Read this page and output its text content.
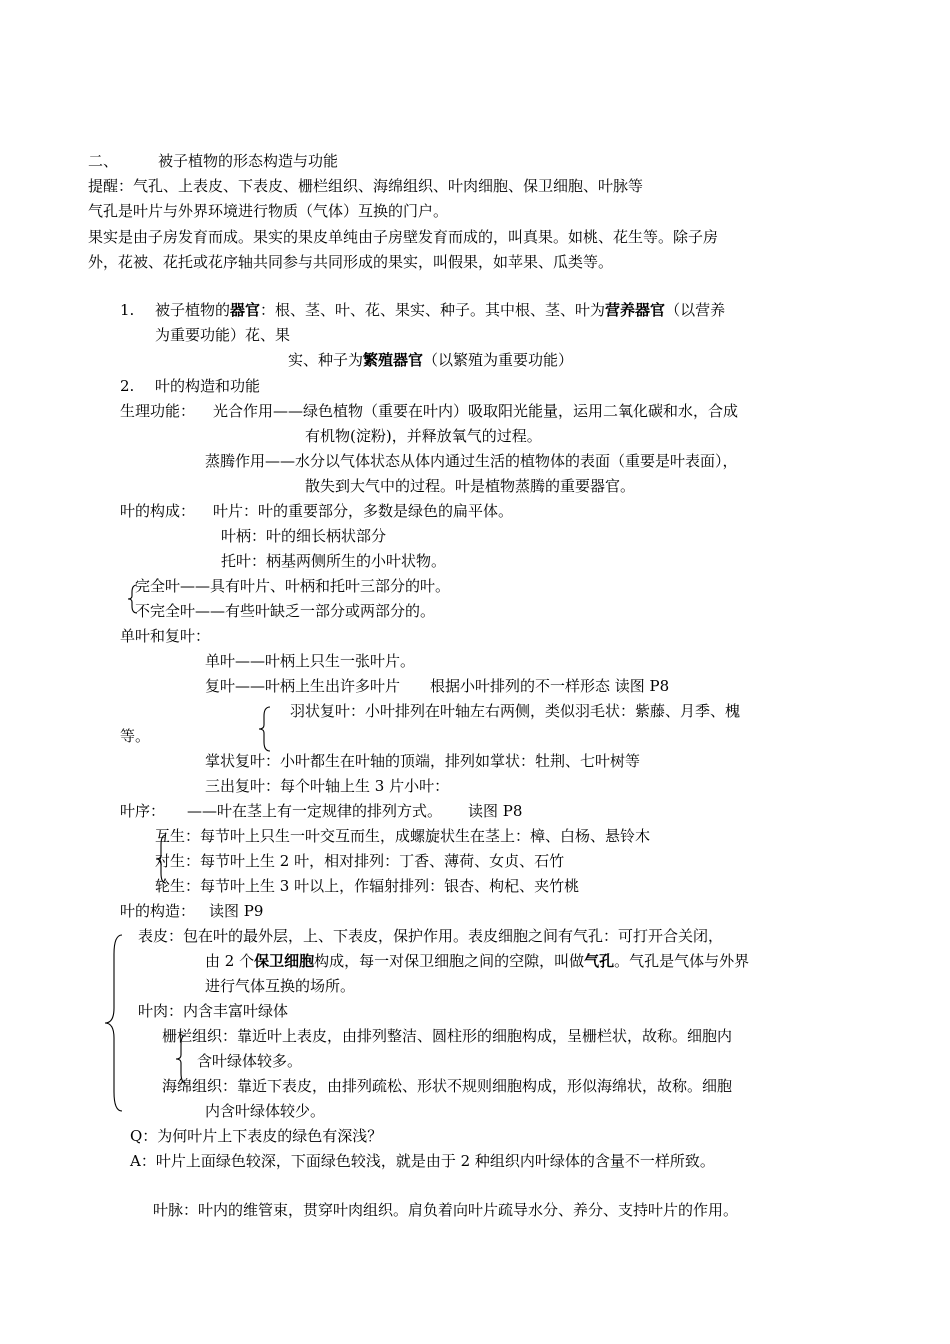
二、	被子植物的形态构造与功能
提醒：气孔、上表皮、下表皮、栅栏组织、海绵组织、叶肉细胞、保卫细胞、叶脉等
气孔是叶片与外界环境进行物质（气体）互换的门户。
果实是由子房发育而成。果实的果皮单纯由子房壁发育而成的，叫真果。如桃、花生等。除子房
外，花被、花托或花序轴共同参与共同形成的果实，叫假果，如苹果、瓜类等。
1. 被子植物的器官：根、茎、叶、花、果实、种子。其中根、茎、叶为营养器官（以营养
为重要功能）花、果
实、种子为繁殖器官（以繁殖为重要功能）
2. 叶的构造和功能
生理功能： 光合作用——绿色植物（重要在叶内）吸取阳光能量，运用二氧化碳和水，合成
有机物(淀粉)，并释放氧气的过程。
蒸腾作用——水分以气体状态从体内通过生活的植物体的表面（重要是叶表面），
散失到大气中的过程。叶是植物蒸腾的重要器官。
叶的构成： 叶片：叶的重要部分，多数是绿色的扁平体。
叶柄：叶的细长柄状部分
托叶：柄基两侧所生的小叶状物。
完全叶——具有叶片、叶柄和托叶三部分的叶。
不完全叶——有些叶缺乏一部分或两部分的。
单叶和复叶：
单叶——叶柄上只生一张叶片。
复叶——叶柄上生出许多叶片 根据小叶排列的不一样形态 读图 P8
羽状复叶：小叶排列在叶轴左右两侧，类似羽毛状：紫藤、月季、槐
等。
掌状复叶：小叶都生在叶轴的顶端，排列如掌状：牡荆、七叶树等
三出复叶：每个叶轴上生 3 片小叶：
叶序： ——叶在茎上有一定规律的排列方式。 读图 P8
互生：每节叶上只生一叶交互而生，成螺旋状生在茎上：樟、白杨、悬铃木
对生：每节叶上生 2 叶，相对排列：丁香、薄荷、女贞、石竹
轮生：每节叶上生 3 叶以上，作辐射排列：银杏、枸杞、夹竹桃
叶的构造： 读图 P9
表皮：包在叶的最外层，上、下表皮，保护作用。表皮细胞之间有气孔：可打开合关闭，
由 2 个保卫细胞构成，每一对保卫细胞之间的空隙，叫做气孔。气孔是气体与外界
进行气体互换的场所。
叶肉：内含丰富叶绿体
栅栏组织：靠近叶上表皮，由排列整洁、圆柱形的细胞构成，呈栅栏状，故称。细胞内
含叶绿体较多。
海绵组织：靠近下表皮，由排列疏松、形状不规则细胞构成，形似海绵状，故称。细胞
内含叶绿体较少。
Q：为何叶片上下表皮的绿色有深浅？
A：叶片上面绿色较深，下面绿色较浅，就是由于 2 种组织内叶绿体的含量不一样所致。
叶脉：叶内的维管束，贯穿叶肉组织。肩负着向叶片疏导水分、养分、支持叶片的作用。
